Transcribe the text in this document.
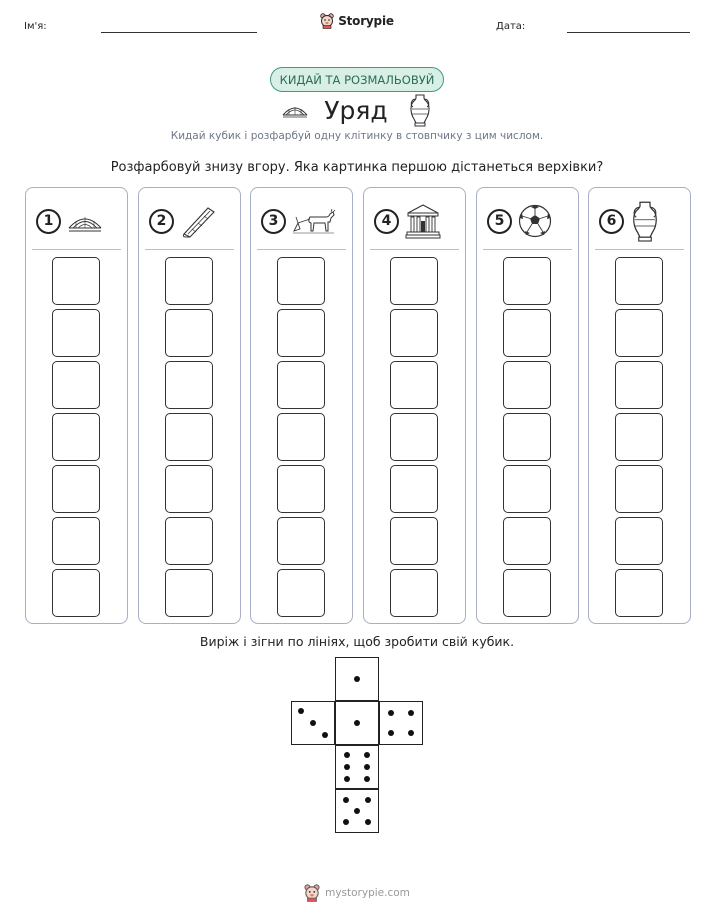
Ім'я:	Дата:
Storypie
КИДАЙ ТА РОЗМАЛЬОВУЙ
Уряд
Кидай кубик і розфарбуй одну клітинку в стовпчику з цим числом.
Розфарбовуй знизу вгору. Яка картинка першою дістанеться верхівки?
1	2	3	4	5	6
Виріж і зігни по лініях, щоб зробити свій кубик.
mystorypie.com
